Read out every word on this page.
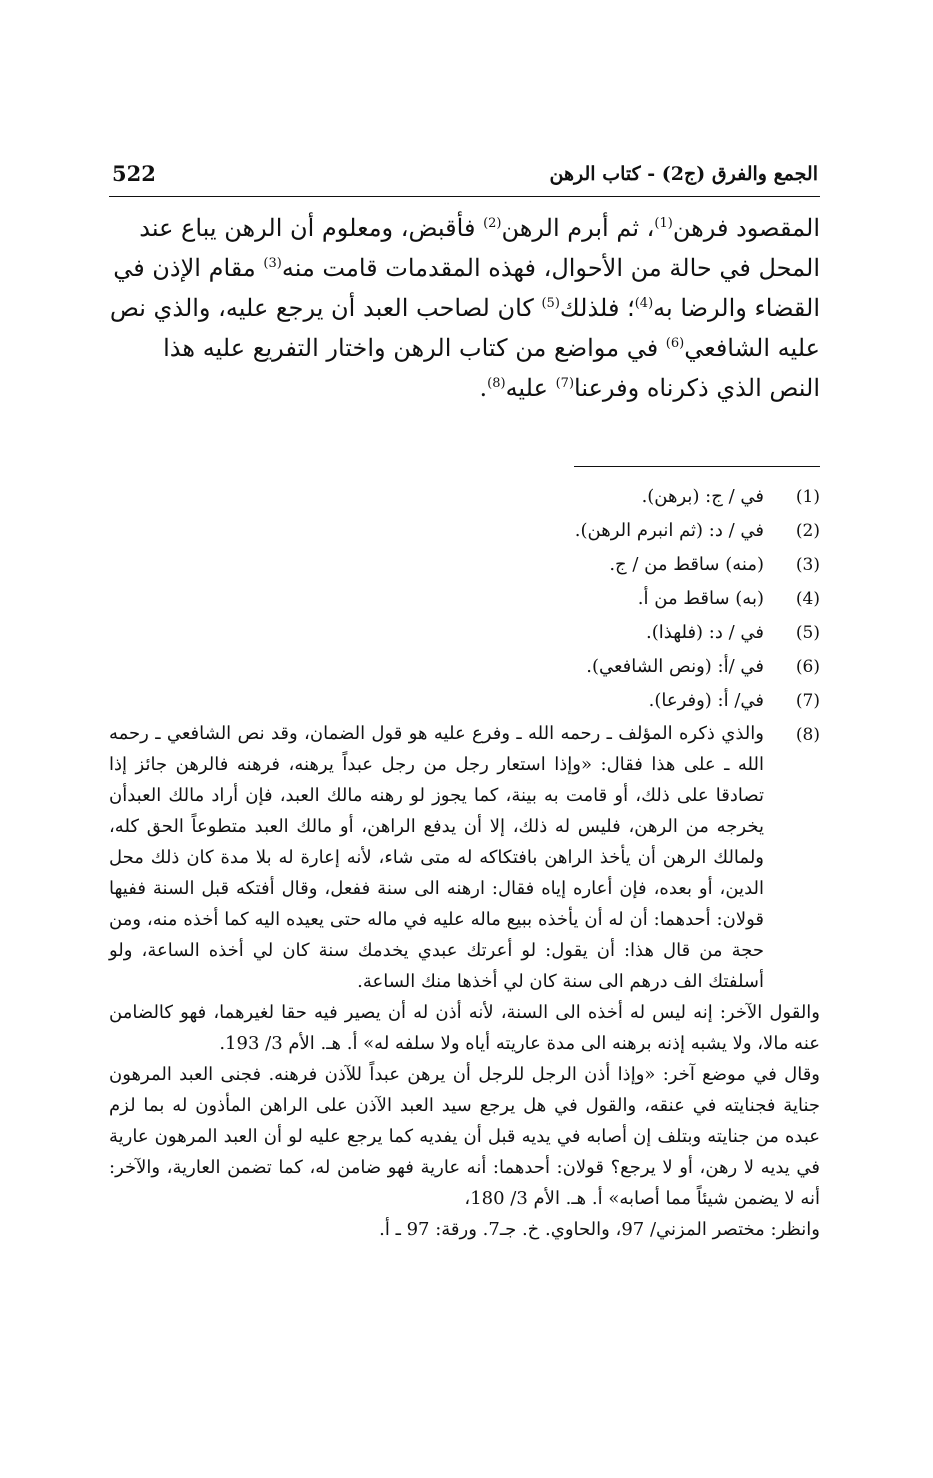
الجمع والفرق (ج2) - كتاب الرهن
522

المقصود فرهن$^{(1)}$، ثم أبرم الرهن$^{(2)}$ فأقبض، ومعلوم أن الرهن يباع عند المحل في حالة من الأحوال، فهذه المقدمات قامت منه$^{(3)}$ مقام الإذن في القضاء والرضا به$^{(4)}$؛ فلذلك$^{(5)}$ كان لصاحب العبد أن يرجع عليه، والذي نص عليه الشافعي$^{(6)}$ في مواضع من كتاب الرهن واختار التفريع عليه هذا النص الذي ذكرناه وفرعنا$^{(7)}$ عليه$^{(8)}$.

(1)
في / ج: (برهن).
(2)
في / د: (ثم انبرم الرهن).
(3)
(منه) ساقط من / ج.
(4)
(به) ساقط من أ.
(5)
في / د: (فلهذا).
(6)
في /أ: (ونص الشافعي).
(7)
في/ أ: (وفرعا).
(8)

والذي ذكره المؤلف ـ رحمه الله ـ وفرع عليه هو قول الضمان، وقد نص الشافعي ـ رحمه الله ـ على هذا فقال: «وإذا استعار رجل من رجل عبداً يرهنه، فرهنه فالرهن جائز إذا تصادقا على ذلك، أو قامت به بينة، كما يجوز لو رهنه مالك العبد، فإن أراد مالك العبدأن يخرجه من الرهن، فليس له ذلك، إلا أن يدفع الراهن، أو مالك العبد متطوعاً الحق كله، ولمالك الرهن أن يأخذ الراهن بافتكاكه له متى شاء، لأنه إعارة له بلا مدة كان ذلك محل الدين، أو بعده، فإن أعاره إياه فقال: ارهنه الى سنة ففعل، وقال أفتكه قبل السنة ففيها قولان: أحدهما: أن له أن يأخذه ببيع ماله عليه في ماله حتى يعيده اليه كما أخذه منه، ومن حجة من قال هذا: أن يقول: لو أعرتك عبدي يخدمك سنة كان لي أخذه الساعة، ولو أسلفتك الف درهم الى سنة كان لي أخذها منك الساعة.

والقول الآخر: إنه ليس له أخذه الى السنة، لأنه أذن له أن يصير فيه حقا لغيرهما، فهو كالضامن عنه مالا، ولا يشبه إذنه برهنه الى مدة عاريته أياه ولا سلفه له» أ. هـ. الأم 3/ 193.

وقال في موضع آخر: «وإذا أذن الرجل للرجل أن يرهن عبداً للآذن فرهنه. فجنى العبد المرهون جناية فجنايته في عنقه، والقول في هل يرجع سيد العبد الآذن على الراهن المأذون له بما لزم عبده من جنايته وبتلف إن أصابه في يديه قبل أن يفديه كما يرجع عليه لو أن العبد المرهون عارية في يديه لا رهن، أو لا يرجع؟ قولان: أحدهما: أنه عارية فهو ضامن له، كما تضمن العارية، والآخر: أنه لا يضمن شيئاً مما أصابه» أ. هـ. الأم 3/ 180،

وانظر: مختصر المزني/ 97، والحاوي. خ. جـ7. ورقة: 97 ـ أ.
